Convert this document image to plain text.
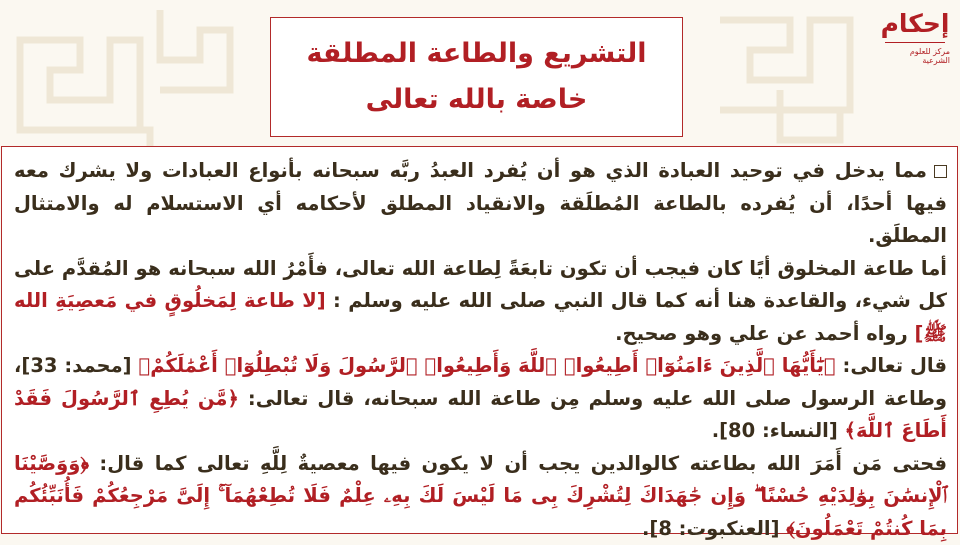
التشريع والطاعة المطلقة
خاصة بالله تعالى
إحكام
مركز للعلوم الشرعية

مما يدخل في توحيد العبادة الذي هو أن يُفرد العبدُ ربَّه سبحانه بأنواع العبادات ولا يشرك معه فيها أحدًا، أن يُفرده بالطاعة المُطلَقة والانقياد المطلق لأحكامه أي الاستسلام له والامتثال المطلَق.

أما طاعة المخلوق أيًا كان فيجب أن تكون تابعَةً لِطاعة الله تعالى، فأَمْرُ الله سبحانه هو المُقدَّم على كل شيء، والقاعدة هنا أنه كما قال النبي صلى الله عليه وسلم : [لا طاعة لِمَخلُوقٍ في مَعصِيَةِ الله ﷺ] رواه أحمد عن علي وهو صحيح.

قال تعالى: ﴿يَٰٓأَيُّهَا ٱلَّذِينَ ءَامَنُوٓا۟ أَطِيعُوا۟ ٱللَّهَ وَأَطِيعُوا۟ ٱلرَّسُولَ وَلَا تُبْطِلُوٓا۟ أَعْمَٰلَكُمْ﴾ [محمد: 33]، وطاعة الرسول صلى الله عليه وسلم مِن طاعة الله سبحانه، قال تعالى: ﴿مَّن يُطِعِ ٱلرَّسُولَ فَقَدْ أَطَاعَ ٱللَّهَ﴾ [النساء: 80].

فحتى مَن أَمَرَ الله بطاعته كالوالدين يجب أن لا يكون فيها معصيةٌ لِلَّهِ تعالى كما قال: ﴿وَوَصَّيْنَا ٱلْإِنسَٰنَ بِوَٰلِدَيْهِ حُسْنًا ۖ وَإِن جَٰهَدَاكَ لِتُشْرِكَ بِى مَا لَيْسَ لَكَ بِهِۦ عِلْمٌ فَلَا تُطِعْهُمَآ ۚ إِلَىَّ مَرْجِعُكُمْ فَأُنَبِّئُكُم بِمَا كُنتُمْ تَعْمَلُونَ﴾ [العنكبوت: 8].
